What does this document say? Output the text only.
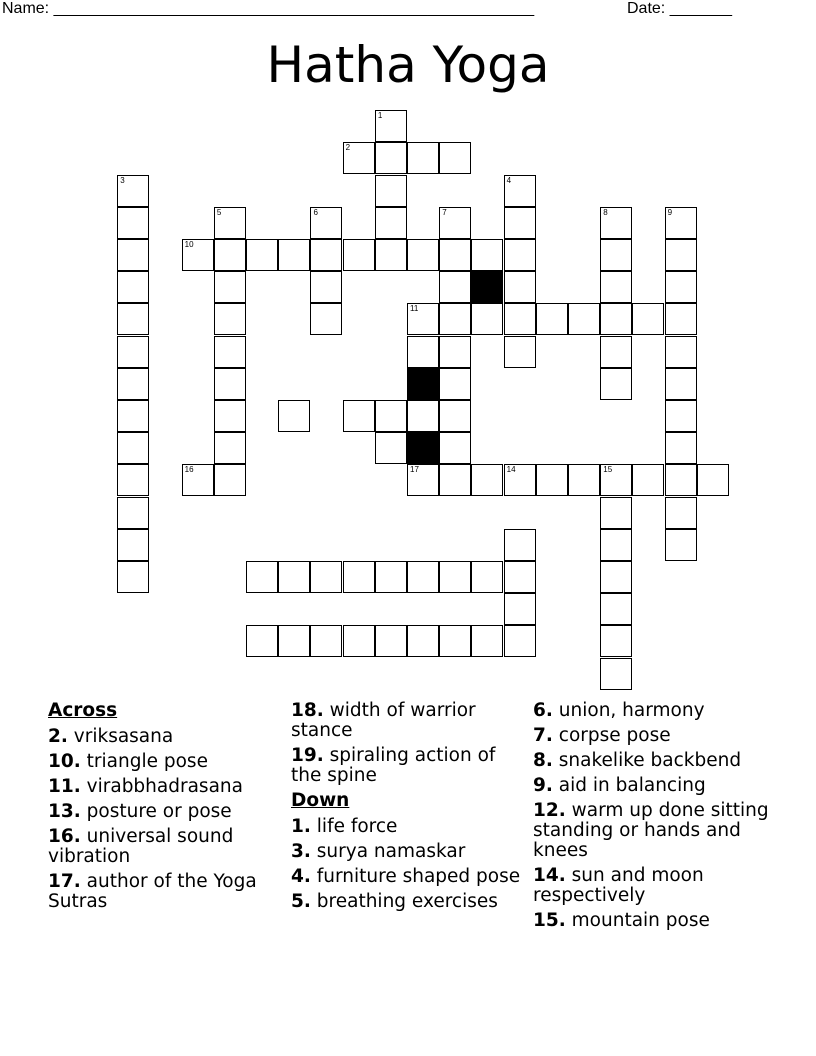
Name: ______________________________________________________	Date: _______
Hatha Yoga
1
2
3	4
5	6	7	8	9
10
11
16	17	14	15
Across
2. vriksasana
10. triangle pose
11. virabbhadrasana
13. posture or pose
16. universal sound vibration
17. author of the Yoga Sutras
18. width of warrior stance
19. spiraling action of the spine
Down
1. life force
3. surya namaskar
4. furniture shaped pose
5. breathing exercises
6. union, harmony
7. corpse pose
8. snakelike backbend
9. aid in balancing
12. warm up done sitting standing or hands and knees
14. sun and moon respectively
15. mountain pose
